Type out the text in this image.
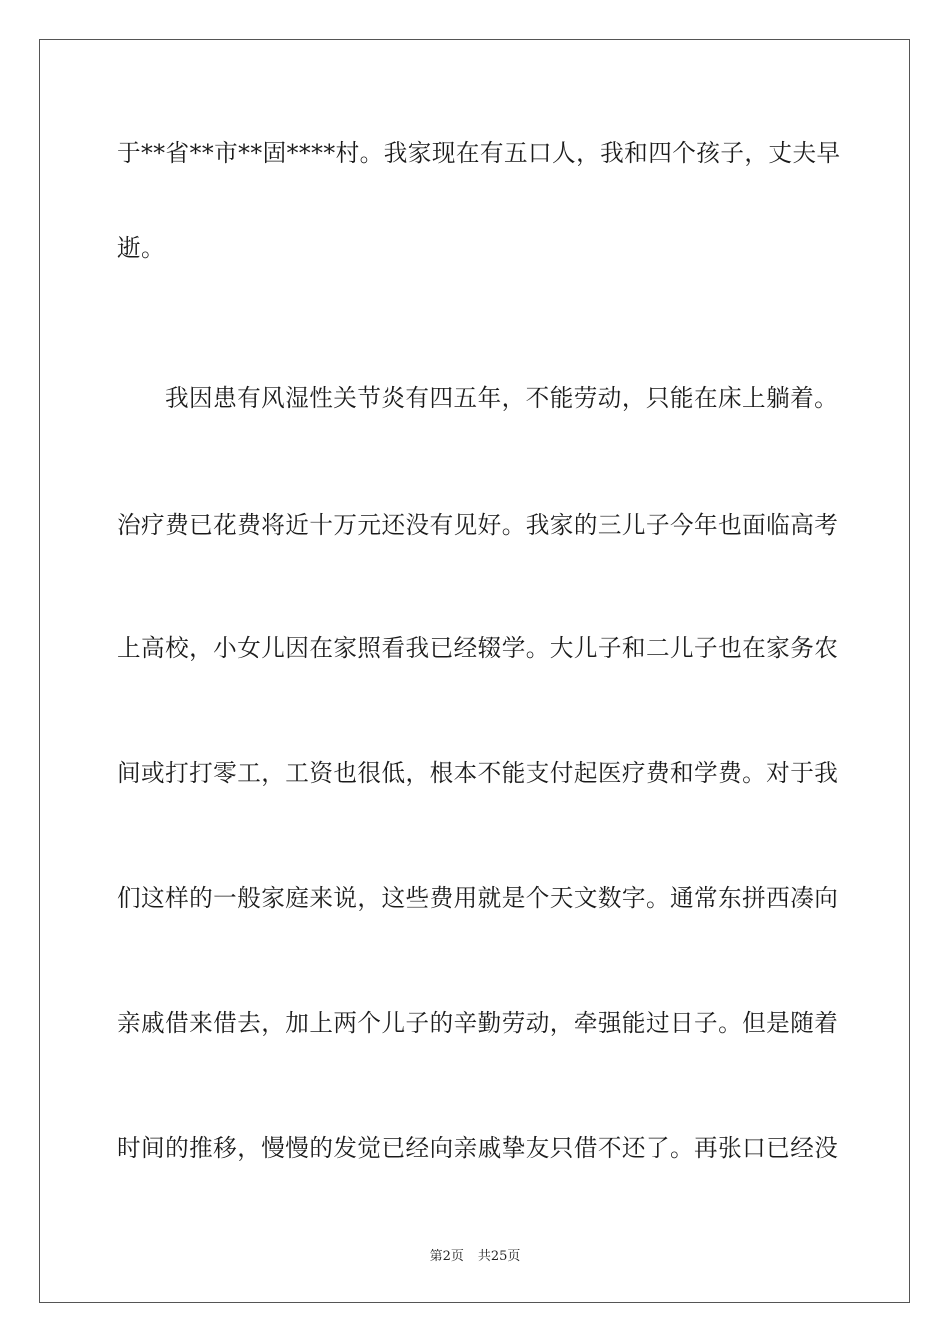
于**省**市**固****村。我家现在有五口人，我和四个孩子，丈夫早
逝。
我因患有风湿性关节炎有四五年，不能劳动，只能在床上躺着。
治疗费已花费将近十万元还没有见好。我家的三儿子今年也面临高考
上高校，小女儿因在家照看我已经辍学。大儿子和二儿子也在家务农
间或打打零工，工资也很低，根本不能支付起医疗费和学费。对于我
们这样的一般家庭来说，这些费用就是个天文数字。通常东拼西凑向
亲戚借来借去，加上两个儿子的辛勤劳动，牵强能过日子。但是随着
时间的推移，慢慢的发觉已经向亲戚挚友只借不还了。再张口已经没
第2页 共25页
